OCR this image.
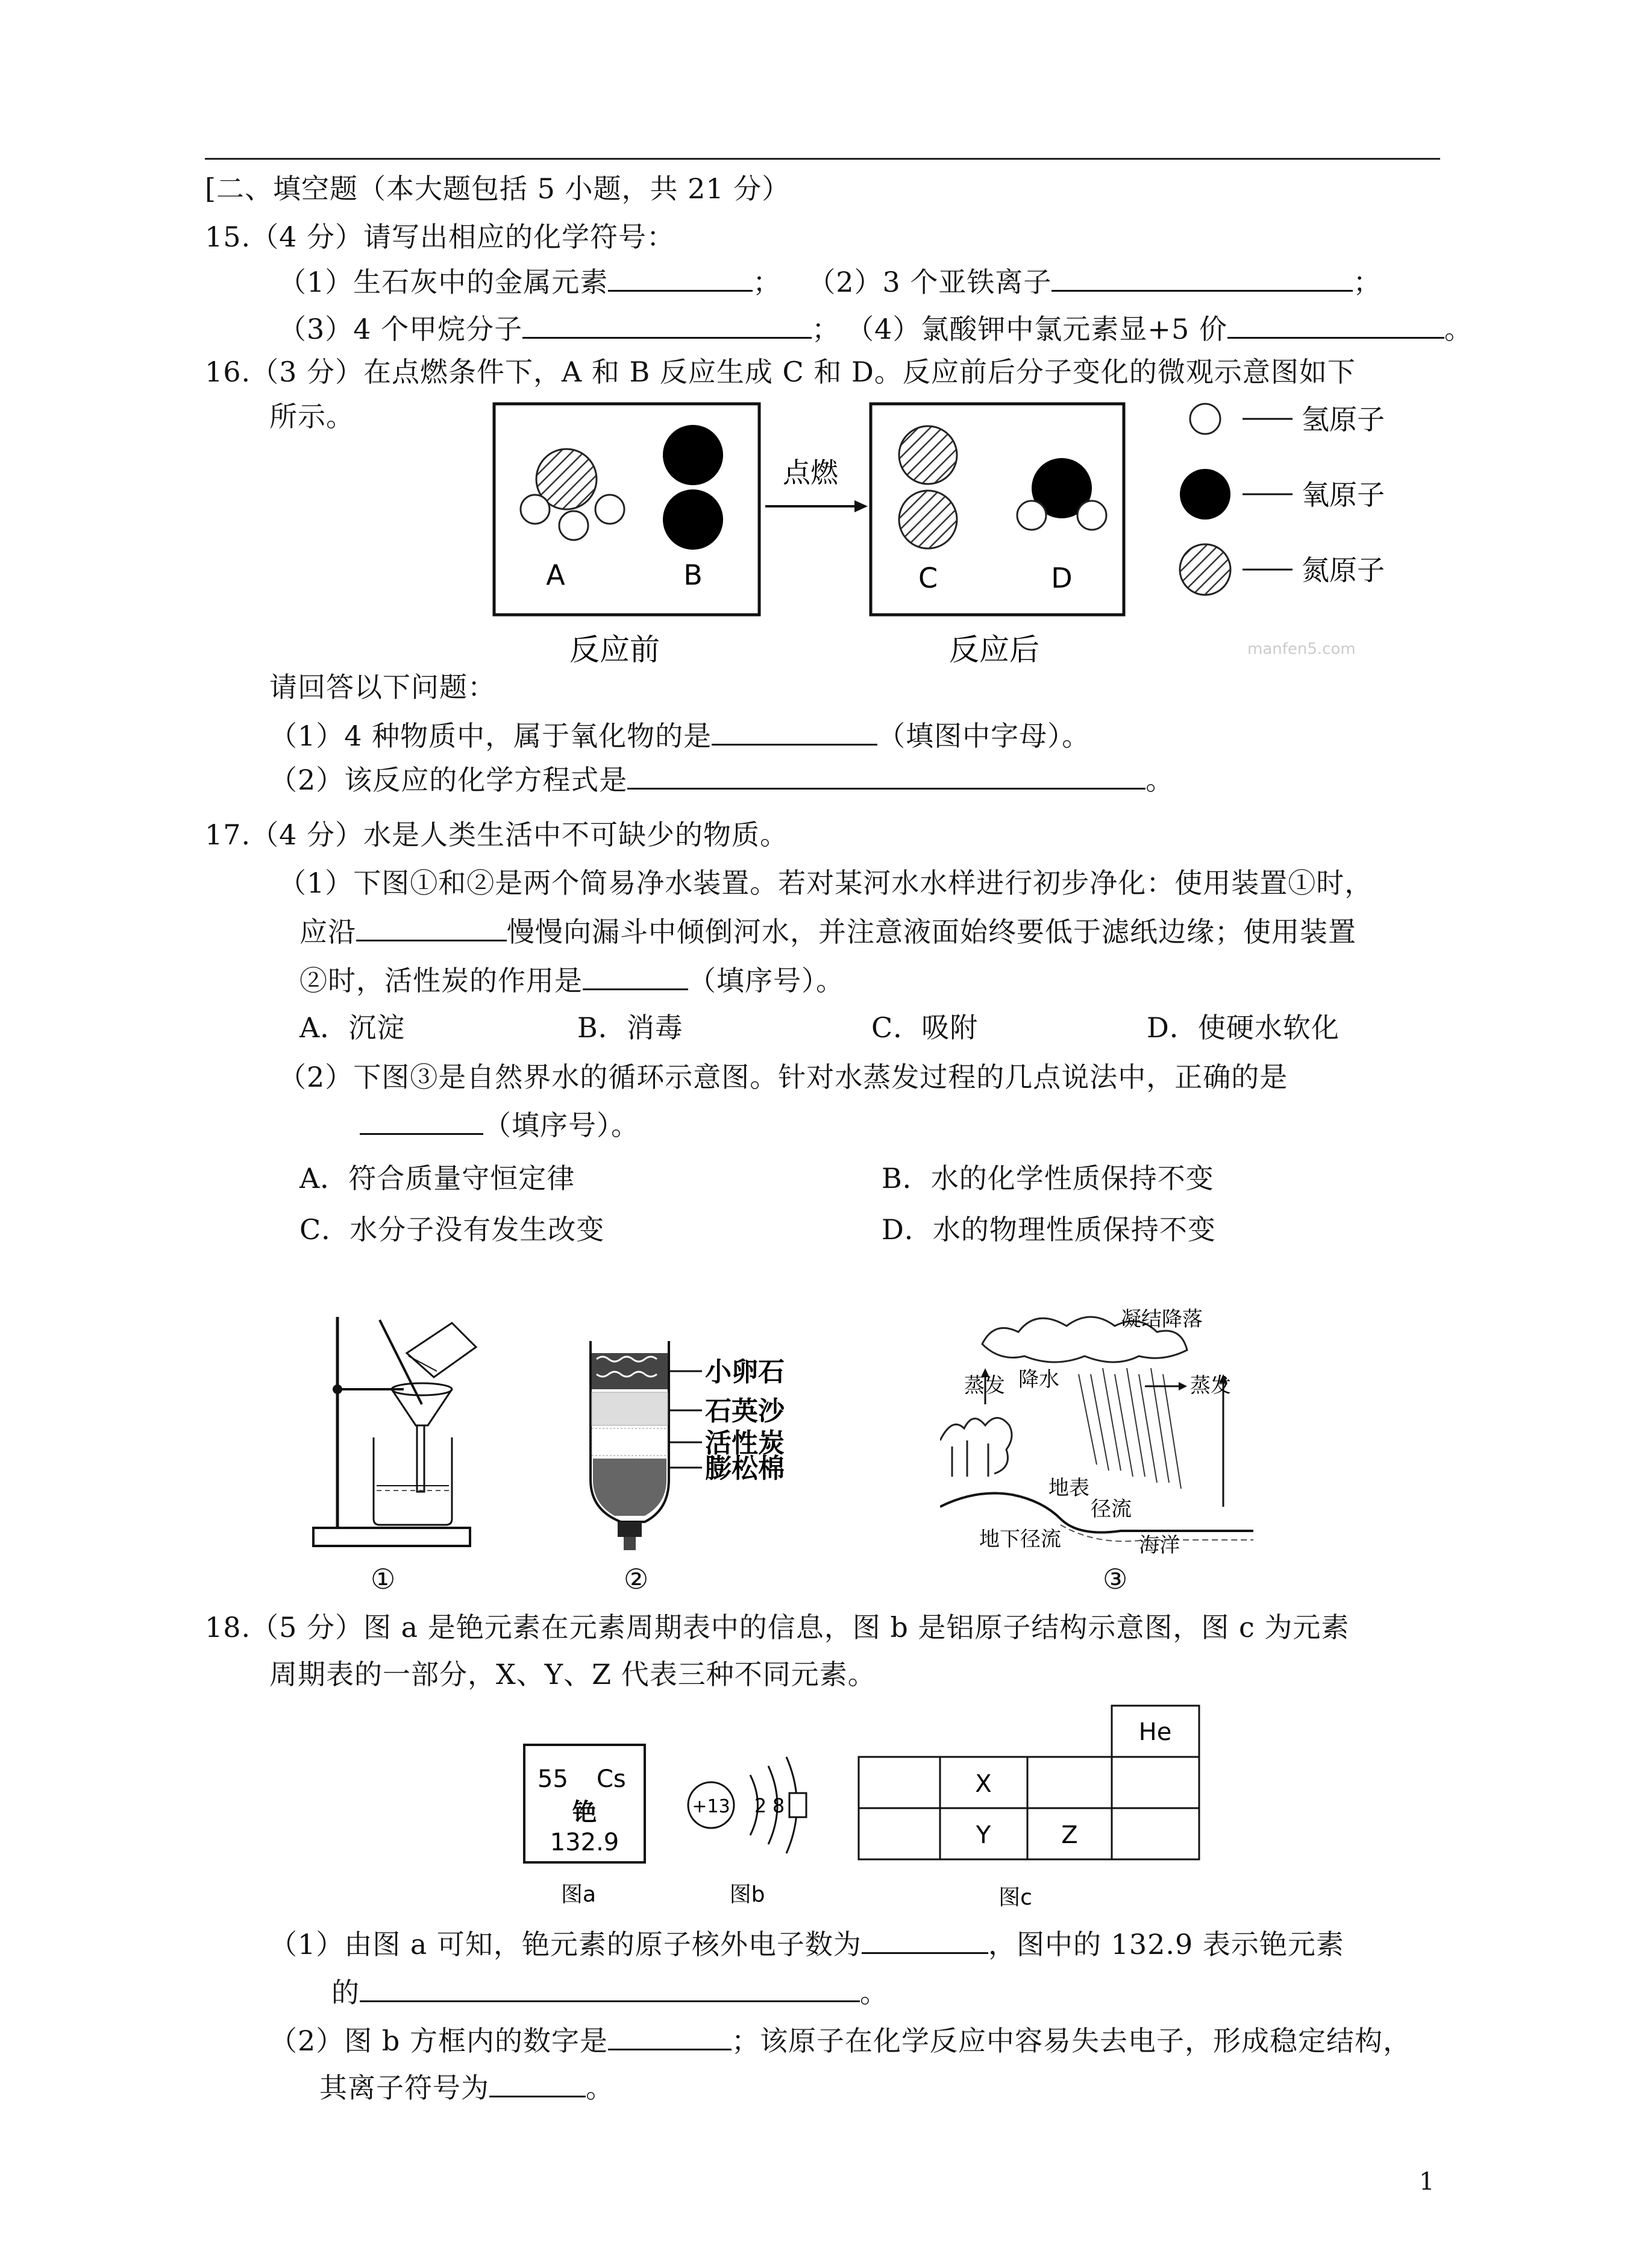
[二、填空题（本大题包括 5 小题，共 21 分）
15.（4 分）请写出相应的化学符号：
（1）生石灰中的金属元素	； （2）3 个亚铁离子	；
（3）4 个甲烷分子	； （4）氯酸钾中氯元素显+5 价	。
16.（3 分）在点燃条件下，A 和 B 反应生成 C 和 D。反应前后分子变化的微观示意图如下
所示。
点燃
A	B	C	D
反应前	反应后
氢原子
氧原子
氮原子
manfen5.com
请回答以下问题：
（1）4 种物质中，属于氧化物的是	（填图中字母）。
（2）该反应的化学方程式是	。
17.（4 分）水是人类生活中不可缺少的物质。
（1）下图①和②是两个简易净水装置。若对某河水水样进行初步净化：使用装置①时，
应沿	慢慢向漏斗中倾倒河水，并注意液面始终要低于滤纸边缘；使用装置
②时，活性炭的作用是	（填序号）。
A．沉淀	B．消毒	C．吸附	D．使硬水软化
（2）下图③是自然界水的循环示意图。针对水蒸发过程的几点说法中，正确的是
（填序号）。
A．符合质量守恒定律	B．水的化学性质保持不变
C．水分子没有发生改变	D．水的物理性质保持不变
①
小卵石
石英沙
活性炭
膨松棉
②
凝结降落
蒸发 降水	蒸发
地表
径流
地下径流	海洋
③
18.（5 分）图 a 是铯元素在元素周期表中的信息，图 b 是铝原子结构示意图，图 c 为元素
周期表的一部分，X、Y、Z 代表三种不同元素。
55 Cs
铯
132.9
图a
+13 2 8
图b
He
X
Y	Z
图c
（1）由图 a 可知，铯元素的原子核外电子数为	，图中的 132.9 表示铯元素
的	。
（2）图 b 方框内的数字是	；该原子在化学反应中容易失去电子，形成稳定结构，
其离子符号为	。
1
